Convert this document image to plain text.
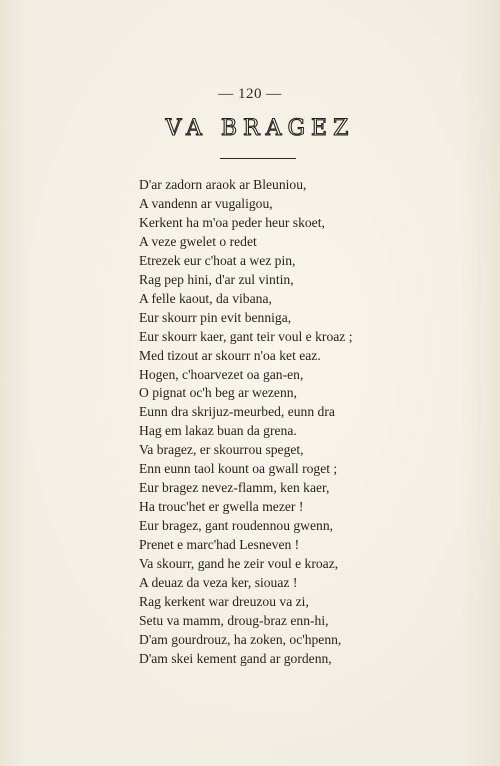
— 120 —
VA BRAGEZ
D'ar zadorn araok ar Bleuniou,
A vandenn ar vugaligou,
Kerkent ha m'oa peder heur skoet,
A veze gwelet o redet
Etrezek eur c'hoat a wez pin,
Rag pep hini, d'ar zul vintin,
A felle kaout, da vibana,
Eur skourr pin evit benniga,
Eur skourr kaer, gant teir voul e kroaz ;
Med tizout ar skourr n'oa ket eaz.
Hogen, c'hoarvezet oa gan-en,
O pignat oc'h beg ar wezenn,
Eunn dra skrijuz-meurbed, eunn dra
Hag em lakaz buan da grena.
Va bragez, er skourrou speget,
Enn eunn taol kount oa gwall roget ;
Eur bragez nevez-flamm, ken kaer,
Ha trouc'het er gwella mezer !
Eur bragez, gant roudennou gwenn,
Prenet e marc'had Lesneven !
Va skourr, gand he zeir voul e kroaz,
A deuaz da veza ker, siouaz !
Rag kerkent war dreuzou va zi,
Setu va mamm, droug-braz enn-hi,
D'am gourdrouz, ha zoken, oc'hpenn,
D'am skei kement gand ar gordenn,
